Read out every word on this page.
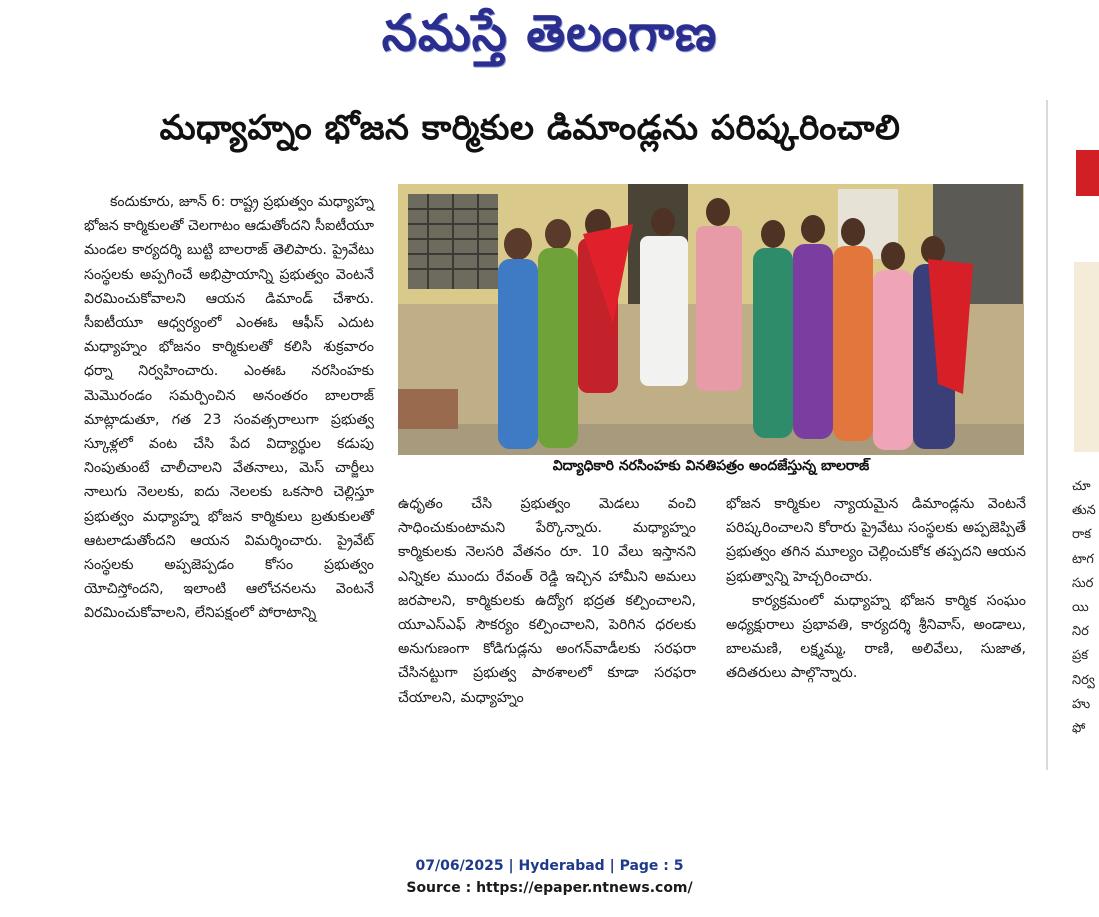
నమస్తే తెలంగాణ
మధ్యాహ్నం భోజన కార్మికుల డిమాండ్లను పరిష్కరించాలి

కందుకూరు, జూన్ 6: రాష్ట్ర ప్రభుత్వం మధ్యాహ్న భోజన కార్మికులతో చెలగాటం ఆడుతోందని సీఐటీయూ మండల కార్యదర్శి బుట్టి బాలరాజ్ తెలిపారు. ప్రైవేటు సంస్థలకు అప్పగించే అభిప్రాయాన్ని ప్రభుత్వం వెంటనే విరమించుకోవాలని ఆయన డిమాండ్ చేశారు. సీఐటీయూ ఆధ్వర్యంలో ఎంఈఓ ఆఫీస్ ఎదుట మధ్యాహ్నం భోజనం కార్మికులతో కలిసి శుక్రవారం ధర్నా నిర్వహించారు. ఎంఈఓ నరసింహకు మెమొరండం సమర్పించిన అనంతరం బాలరాజ్ మాట్లాడుతూ, గత 23 సంవత్సరాలుగా ప్రభుత్వ స్కూళ్లలో వంట చేసి పేద విద్యార్థుల కడుపు నింపుతుంటే చాలీచాలని వేతనాలు, మెస్ చార్జీలు నాలుగు నెలలకు, ఐదు నెలలకు ఒకసారి చెల్లిస్తూ ప్రభుత్వం మధ్యాహ్న భోజన కార్మికులు బ్రతుకులతో ఆటలాడుతోందని ఆయన విమర్శించారు. ప్రైవేట్ సంస్థలకు అప్పజెప్పడం కోసం ప్రభుత్వం యోచిస్తోందని, ఇలాంటి ఆలోచనలను వెంటనే విరమించుకోవాలని, లేనిపక్షంలో పోరాటాన్ని

విద్యాధికారి నరసింహకు వినతిపత్రం అందజేస్తున్న బాలరాజ్

ఉధృతం చేసి ప్రభుత్వం మెడలు వంచి సాధించుకుంటామని పేర్కొన్నారు. మధ్యాహ్నం కార్మికులకు నెలసరి వేతనం రూ. 10 వేలు ఇస్తానని ఎన్నికల ముందు రేవంత్ రెడ్డి ఇచ్చిన హామీని అమలు జరపాలని, కార్మికులకు ఉద్యోగ భద్రత కల్పించాలని, యూఎస్ఎఫ్ సౌకర్యం కల్పించాలని, పెరిగిన ధరలకు అనుగుణంగా కోడిగుడ్లను అంగన్‌వాడీలకు సరఫరా చేసినట్టుగా ప్రభుత్వ పాఠశాలలో కూడా సరఫరా చేయాలని, మధ్యాహ్నం

భోజన కార్మికుల న్యాయమైన డిమాండ్లను వెంటనే పరిష్కరించాలని కోరారు ప్రైవేటు సంస్థలకు అప్పజెప్పితే ప్రభుత్వం తగిన మూల్యం చెల్లించుకోక తప్పదని ఆయన ప్రభుత్వాన్ని హెచ్చరించారు.

కార్యక్రమంలో మధ్యాహ్న భోజన కార్మిక సంఘం అధ్యక్షురాలు ప్రభావతి, కార్యదర్శి శ్రీనివాస్, అండాలు, బాలమణి, లక్ష్మమ్మ, రాణి, అలివేలు, సుజాత, తదితరులు పాల్గొన్నారు.

చూ
తున
రాక
టాగ
సుర
యి
నిర
ప్రక
నిర్వ
హు
ఫో
07/06/2025 | Hyderabad | Page : 5
Source : https://epaper.ntnews.com/
